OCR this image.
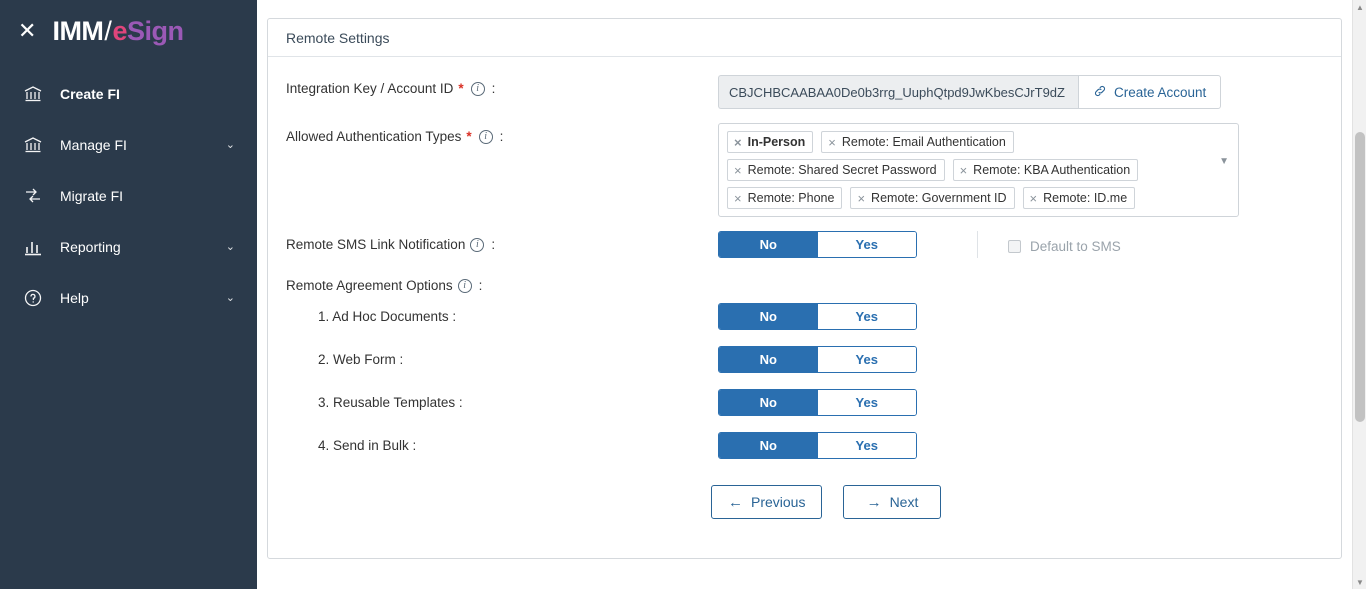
✕ IMM / e Sign
Create FI
Manage FI	⌄
Migrate FI
Reporting	⌄
Help	⌄
Remote Settings
Integration Key / Account ID *	i :	CBJCHBCAABAA0De0b3rrg_UuphQtpd9JwKbesCJrT9dZ	Create Account
Allowed Authentication Types *	i :	× In-Person	× Remote: Email Authentication
× Remote: Shared Secret Password	× Remote: KBA Authentication
× Remote: Phone	× Remote: Government ID	× Remote: ID.me
▼
Remote SMS Link Notification	i :	No	Yes	Default to SMS
Remote Agreement Options	i :
1. Ad Hoc Documents :	No	Yes
2. Web Form :	No	Yes
3. Reusable Templates :	No	Yes
4. Send in Bulk :	No	Yes
← Previous	→ Next
▲
▼
